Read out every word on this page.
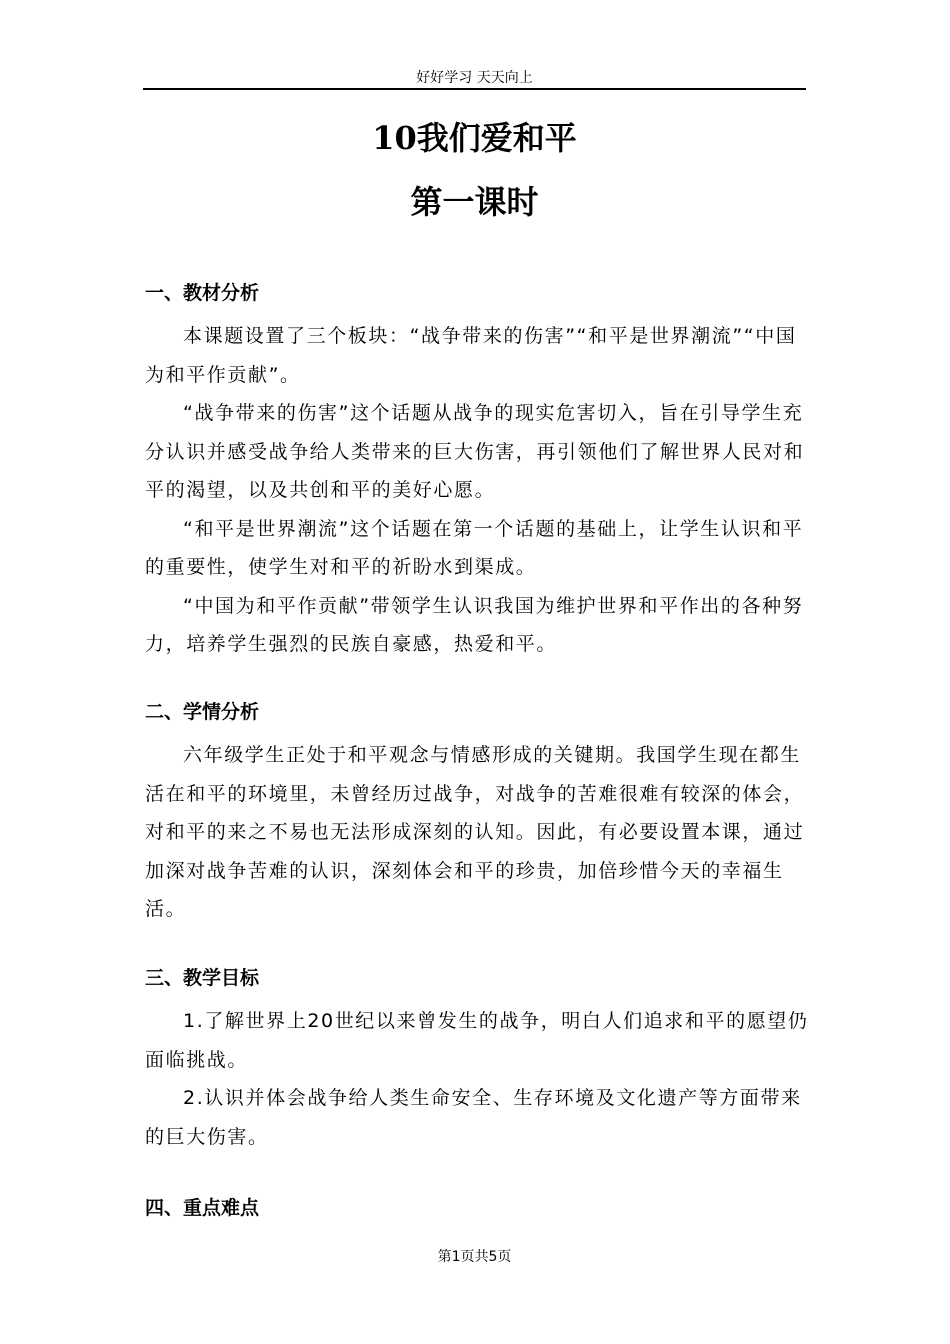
好好学习 天天向上
10我们爱和平
第一课时
一、教材分析

本课题设置了三个板块：“战争带来的伤害”“和平是世界潮流”“中国为和平作贡献”。

“战争带来的伤害”这个话题从战争的现实危害切入，旨在引导学生充分认识并感受战争给人类带来的巨大伤害，再引领他们了解世界人民对和平的渴望，以及共创和平的美好心愿。

“和平是世界潮流”这个话题在第一个话题的基础上，让学生认识和平的重要性，使学生对和平的祈盼水到渠成。

“中国为和平作贡献”带领学生认识我国为维护世界和平作出的各种努力，培养学生强烈的民族自豪感，热爱和平。

二、学情分析

六年级学生正处于和平观念与情感形成的关键期。我国学生现在都生活在和平的环境里，未曾经历过战争，对战争的苦难很难有较深的体会，对和平的来之不易也无法形成深刻的认知。因此，有必要设置本课，通过加深对战争苦难的认识，深刻体会和平的珍贵，加倍珍惜今天的幸福生活。

三、教学目标

1.了解世界上20世纪以来曾发生的战争，明白人们追求和平的愿望仍面临挑战。

2.认识并体会战争给人类生命安全、生存环境及文化遗产等方面带来的巨大伤害。

四、重点难点
第1页共5页
